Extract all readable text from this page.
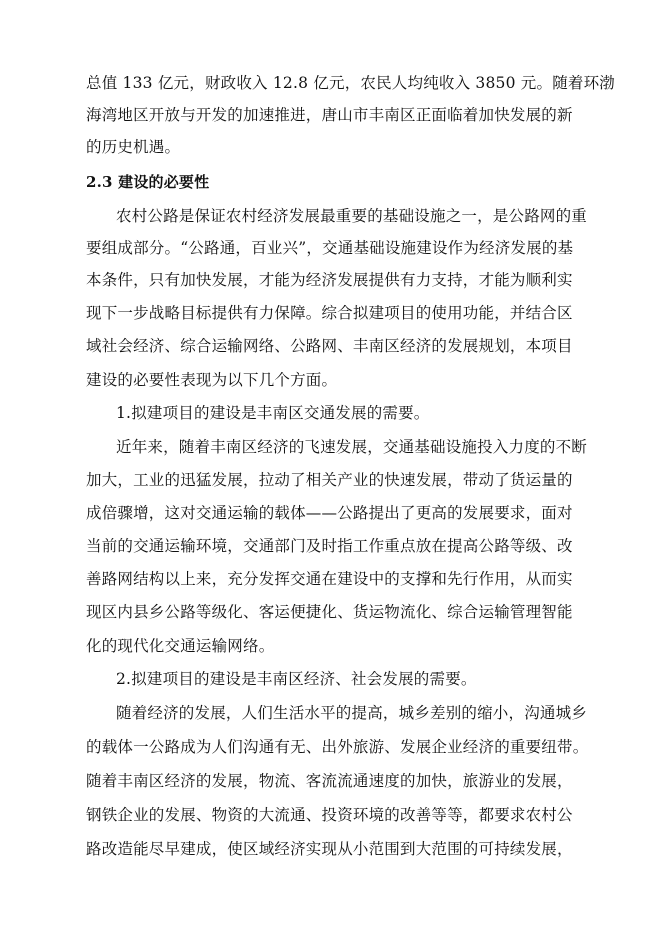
总值 133 亿元，财政收入 12.8 亿元，农民人均纯收入 3850 元。随着环渤
海湾地区开放与开发的加速推进，唐山市丰南区正面临着加快发展的新
的历史机遇。
2.3 建设的必要性
农村公路是保证农村经济发展最重要的基础设施之一，是公路网的重
要组成部分。“公路通，百业兴”，交通基础设施建设作为经济发展的基
本条件，只有加快发展，才能为经济发展提供有力支持，才能为顺利实
现下一步战略目标提供有力保障。综合拟建项目的使用功能，并结合区
域社会经济、综合运输网络、公路网、丰南区经济的发展规划，本项目
建设的必要性表现为以下几个方面。
1.拟建项目的建设是丰南区交通发展的需要。
近年来，随着丰南区经济的飞速发展，交通基础设施投入力度的不断
加大，工业的迅猛发展，拉动了相关产业的快速发展，带动了货运量的
成倍骤增，这对交通运输的载体——公路提出了更高的发展要求，面对
当前的交通运输环境，交通部门及时指工作重点放在提高公路等级、改
善路网结构以上来，充分发挥交通在建设中的支撑和先行作用，从而实
现区内县乡公路等级化、客运便捷化、货运物流化、综合运输管理智能
化的现代化交通运输网络。
2.拟建项目的建设是丰南区经济、社会发展的需要。
随着经济的发展，人们生活水平的提高，城乡差别的缩小，沟通城乡
的载体一公路成为人们沟通有无、出外旅游、发展企业经济的重要纽带。
随着丰南区经济的发展，物流、客流流通速度的加快，旅游业的发展，
钢铁企业的发展、物资的大流通、投资环境的改善等等，都要求农村公
路改造能尽早建成，使区域经济实现从小范围到大范围的可持续发展，
